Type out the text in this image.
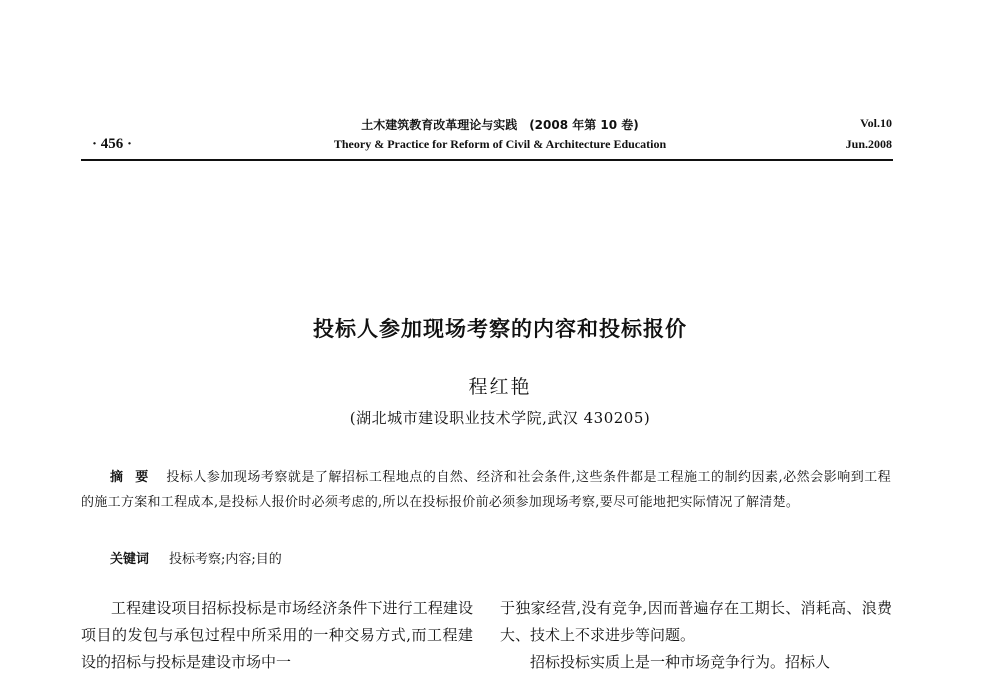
· 456 ·
土木建筑教育改革理论与实践　(2008 年第 10 卷)
Theory & Practice for Reform of Civil & Architecture Education
Vol.10
Jun.2008
投标人参加现场考察的内容和投标报价
程红艳
(湖北城市建设职业技术学院,武汉 430205)
摘要 投标人参加现场考察就是了解招标工程地点的自然、经济和社会条件,这些条件都是工程施工的制约因素,必然会影响到工程的施工方案和工程成本,是投标人报价时必须考虑的,所以在投标报价前必须参加现场考察,要尽可能地把实际情况了解清楚。
关键词 投标考察;内容;目的

工程建设项目招标投标是市场经济条件下进行工程建设项目的发包与承包过程中所采用的一种交易方式,而工程建设的招标与投标是建设市场中一

于独家经营,没有竞争,因而普遍存在工期长、消耗高、浪费大、技术上不求进步等问题。

招标投标实质上是一种市场竞争行为。招标人
